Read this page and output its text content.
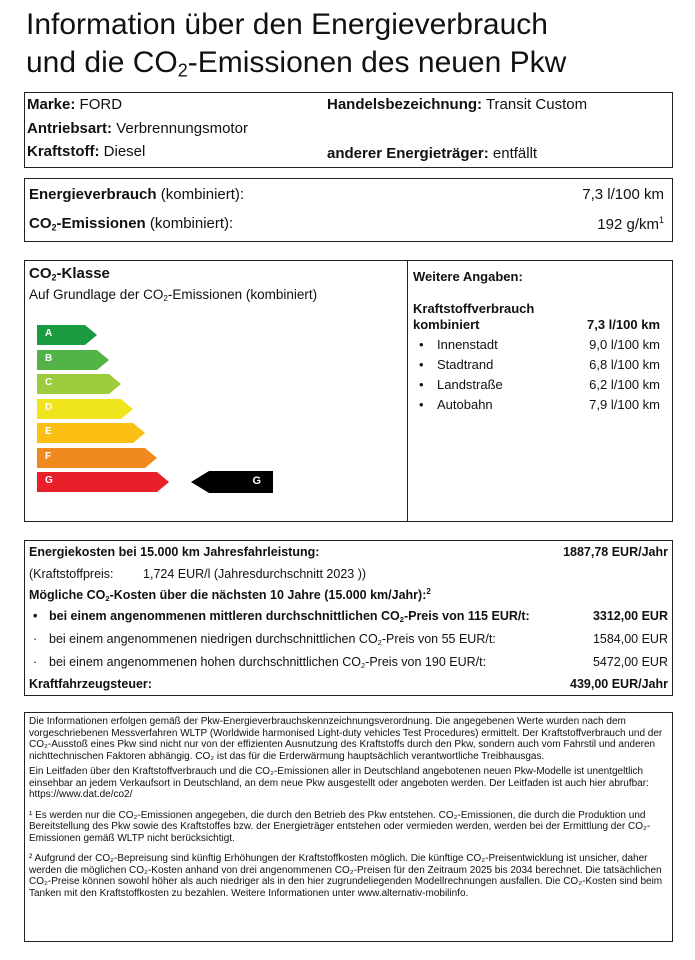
Information über den Energieverbrauch
und die $CO_2$-Emissionen des neuen Pkw
Marke: FORD	Handelsbezeichnung: Transit Custom
Antriebsart: Verbrennungsmotor
Kraftstoff: Diesel	anderer Energieträger: entfällt
Energieverbrauch (kombiniert):	7,3 l/100 km
$CO_2$-Emissionen (kombiniert):	192 $g/km^1$
$CO_2$-Klasse
Auf Grundlage der $CO_2$-Emissionen (kombiniert)
A
B
C
D
E
F
G	G
Weitere Angaben:
Kraftstoffverbrauch
kombiniert	7,3 l/100 km
• Innenstadt	9,0 l/100 km
• Stadtrand	6,8 l/100 km
• Landstraße	6,2 l/100 km
• Autobahn	7,9 l/100 km
Energiekosten bei 15.000 km Jahresfahrleistung:	1887,78 EUR/Jahr
(Kraftstoffpreis: 1,724 EUR/l (Jahresdurchschnitt 2023 ))
Mögliche $CO_2$-Kosten über die nächsten 10 Jahre (15.000 km/Jahr):$^2$
• bei einem angenommenen mittleren durchschnittlichen $CO_2$-Preis von 115 EUR/t:	3312,00 EUR
· bei einem angenommenen niedrigen durchschnittlichen $CO_2$-Preis von 55 EUR/t:	1584,00 EUR
· bei einem angenommenen hohen durchschnittlichen $CO_2$-Preis von 190 EUR/t:	5472,00 EUR
Kraftfahrzeugsteuer:	439,00 EUR/Jahr

Die Informationen erfolgen gemäß der Pkw-Energieverbrauchskennzeichnungsverordnung. Die angegebenen Werte wurden nach dem vorgeschriebenen Messverfahren WLTP (Worldwide harmonised Light-duty vehicles Test Procedures) ermittelt. Der Kraftstoffverbrauch und der CO₂-Ausstoß eines Pkw sind nicht nur von der effizienten Ausnutzung des Kraftstoffs durch den Pkw, sondern auch vom Fahrstil und anderen nichttechnischen Faktoren abhängig. CO₂ ist das für die Erderwärmung hauptsächlich verantwortliche Treibhausgas.

Ein Leitfaden über den Kraftstoffverbrauch und die CO₂-Emissionen aller in Deutschland angebotenen neuen Pkw-Modelle ist unentgeltlich einsehbar an jedem Verkaufsort in Deutschland, an dem neue Pkw ausgestellt oder angeboten werden. Der Leitfaden ist auch hier abrufbar: https://www.dat.de/co2/

¹ Es werden nur die CO₂-Emissionen angegeben, die durch den Betrieb des Pkw entstehen. CO₂-Emissionen, die durch die Produktion und Bereitstellung des Pkw sowie des Kraftstoffes bzw. der Energieträger entstehen oder vermieden werden, werden bei der Ermittlung der CO₂-Emissionen gemäß WLTP nicht berücksichtigt.

² Aufgrund der CO₂-Bepreisung sind künftig Erhöhungen der Kraftstoffkosten möglich. Die künftige CO₂-Preisentwicklung ist unsicher, daher werden die möglichen CO₂-Kosten anhand von drei angenommenen CO₂-Preisen für den Zeitraum 2025 bis 2034 berechnet. Die tatsächlichen CO₂-Preise können sowohl höher als auch niedriger als in den hier zugrundeliegenden Modellrechnungen ausfallen. Die CO₂-Kosten sind beim Tanken mit den Kraftstoffkosten zu bezahlen. Weitere Informationen unter www.alternativ-mobilinfo.
